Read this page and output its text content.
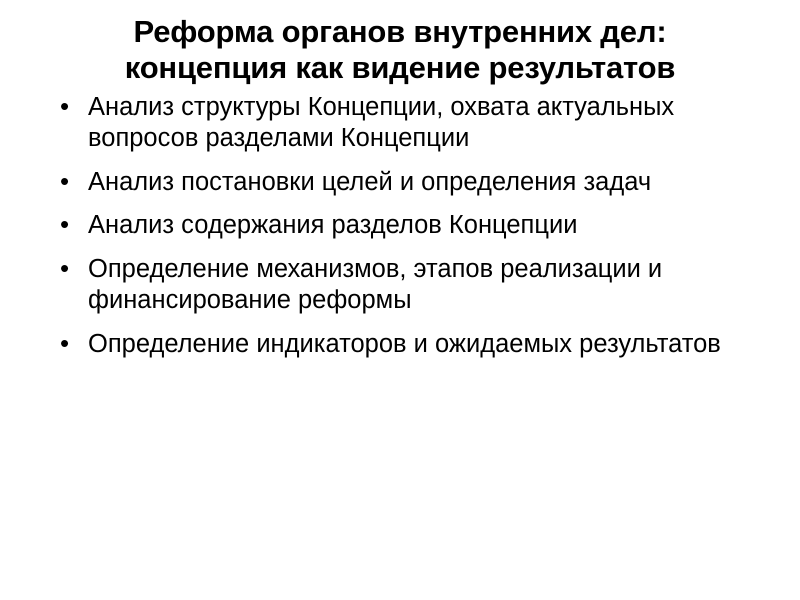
Реформа органов внутренних дел: концепция как видение результатов
• Анализ структуры Концепции, охвата актуальных вопросов разделами Концепции
• Анализ постановки целей и определения задач
• Анализ содержания разделов Концепции
• Определение механизмов, этапов реализации и финансирование реформы
• Определение индикаторов и ожидаемых результатов
